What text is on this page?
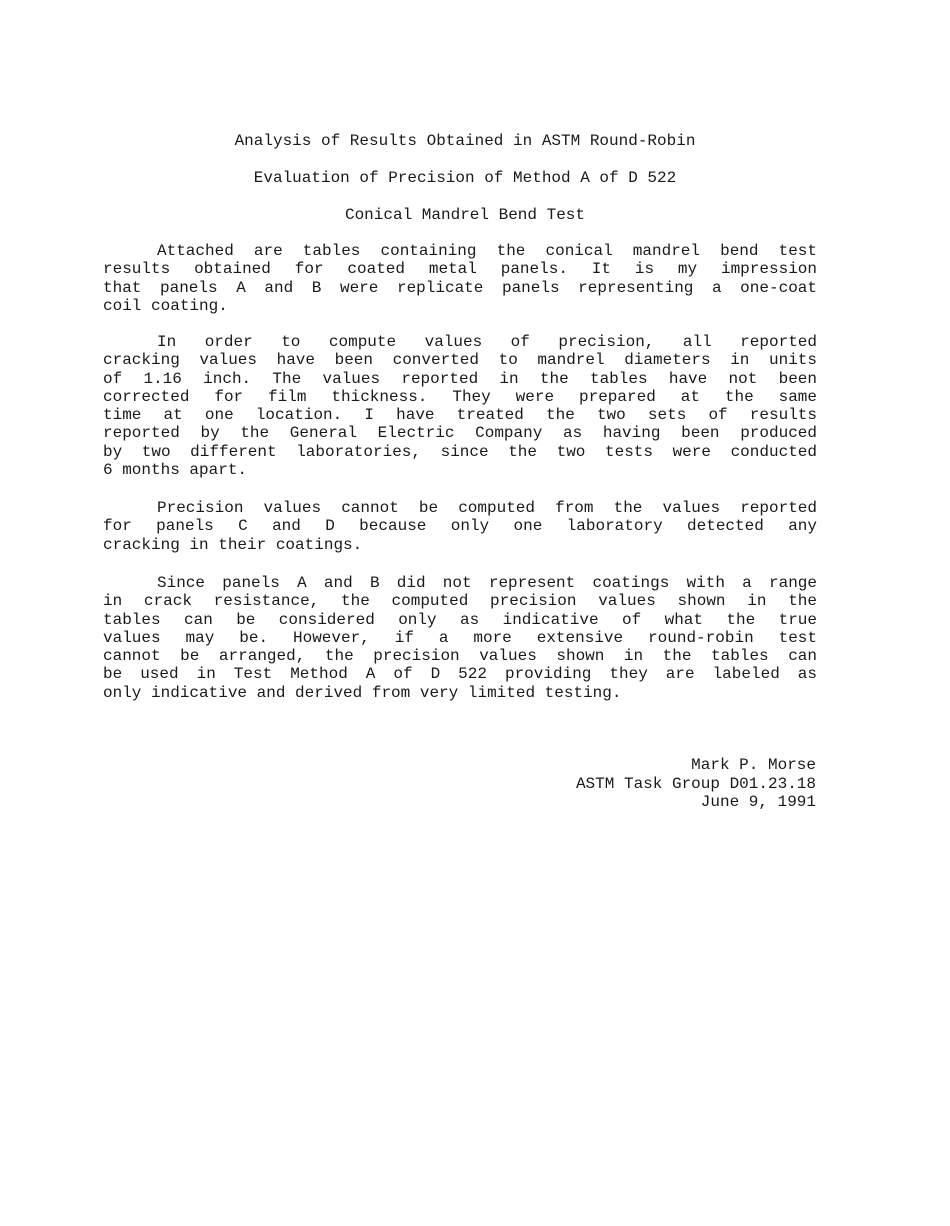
Analysis of Results Obtained in ASTM Round-Robin
Evaluation of Precision of Method A of D 522
Conical Mandrel Bend Test
Attached are tables containing the conical mandrel bend test
results obtained for coated metal panels. It is my impression
that panels A and B were replicate panels representing a one-coat
coil coating.
In order to compute values of precision, all reported
cracking values have been converted to mandrel diameters in units
of 1.16 inch. The values reported in the tables have not been
corrected for film thickness. They were prepared at the same
time at one location. I have treated the two sets of results
reported by the General Electric Company as having been produced
by two different laboratories, since the two tests were conducted
6 months apart.
Precision values cannot be computed from the values reported
for panels C and D because only one laboratory detected any
cracking in their coatings.
Since panels A and B did not represent coatings with a range
in crack resistance, the computed precision values shown in the
tables can be considered only as indicative of what the true
values may be. However, if a more extensive round-robin test
cannot be arranged, the precision values shown in the tables can
be used in Test Method A of D 522 providing they are labeled as
only indicative and derived from very limited testing.
Mark P. Morse
ASTM Task Group D01.23.18
June 9, 1991
